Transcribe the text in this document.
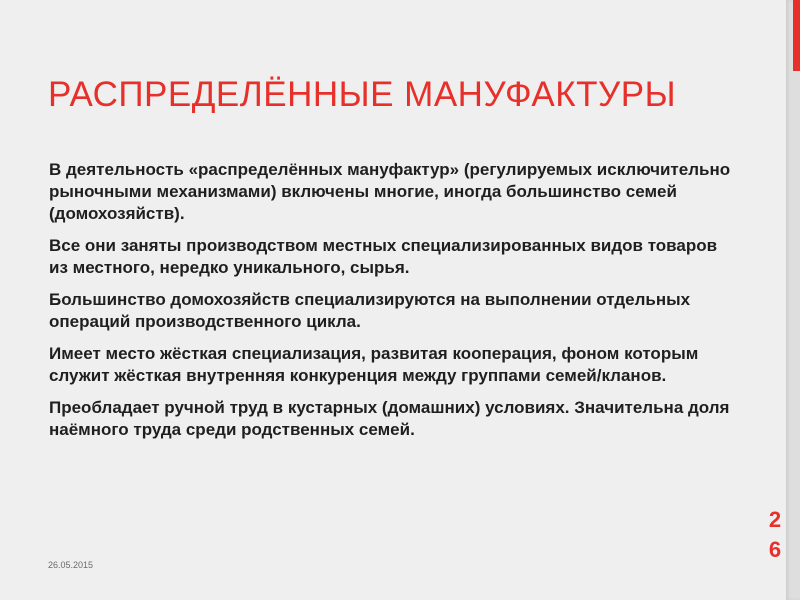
РАСПРЕДЕЛЁННЫЕ МАНУФАКТУРЫ
В деятельность «распределённых мануфактур» (регулируемых исключительно рыночными механизмами) включены многие, иногда большинство семей (домохозяйств).
Все они заняты производством местных специализированных видов товаров из местного, нередко уникального, сырья.
Большинство домохозяйств специализируются на выполнении отдельных операций производственного цикла.
Имеет место жёсткая специализация, развитая кооперация, фоном которым служит жёсткая внутренняя конкуренция между группами семей/кланов.
Преобладает ручной труд в кустарных (домашних) условиях. Значительна доля наёмного труда среди родственных семей.
26.05.2015
26
